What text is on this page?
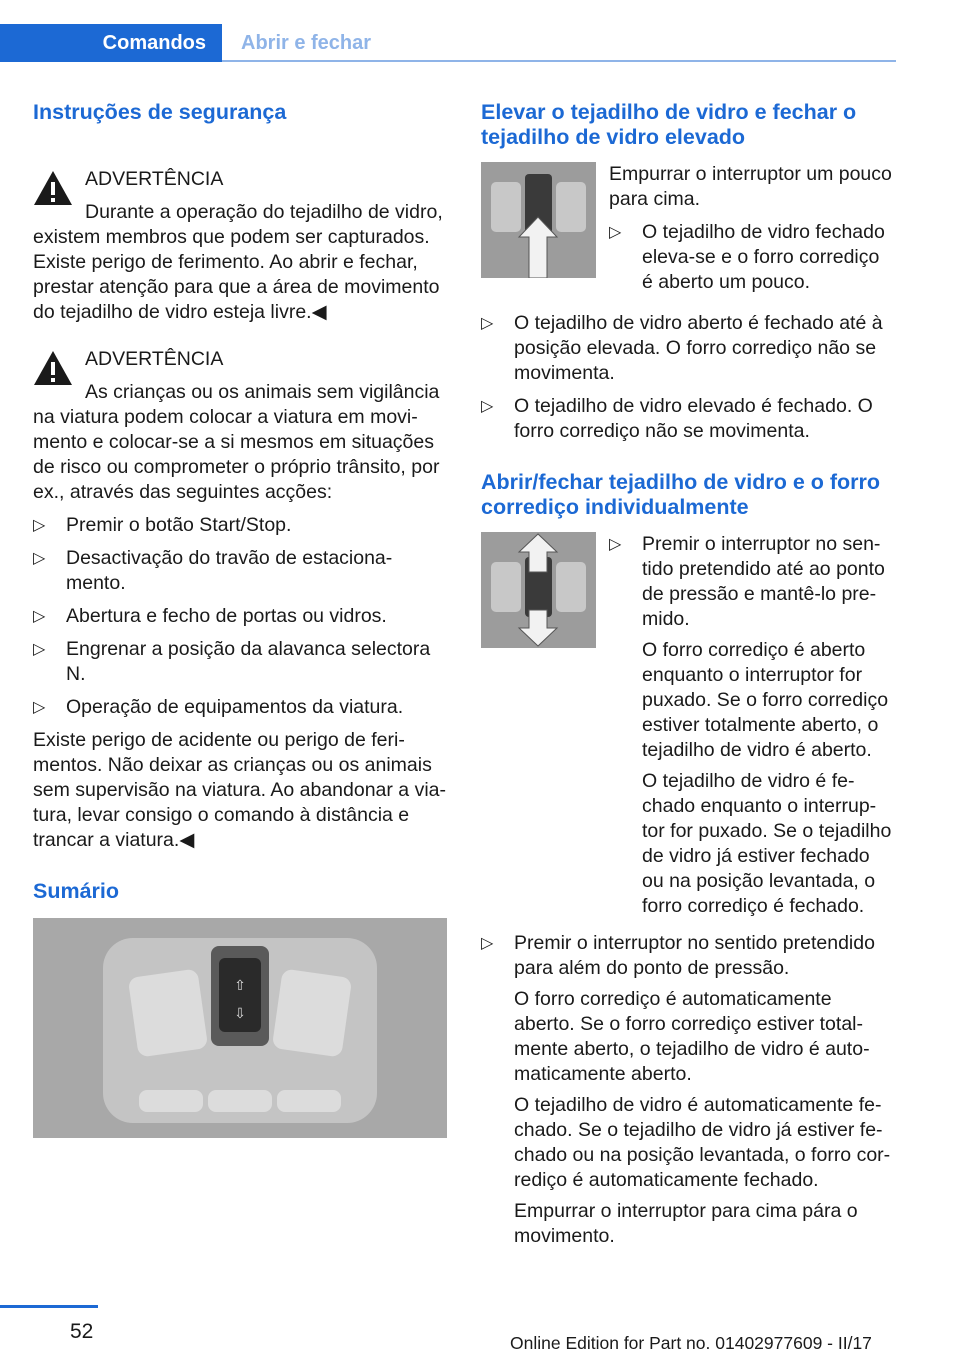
Comandos	Abrir e fechar
Instruções de segurança

ADVERTÊNCIA

Durante a operação do tejadilho de vidro, existem membros que podem ser capturados. Existe perigo de ferimento. Ao abrir e fechar, prestar atenção para que a área de movimento do tejadilho de vidro esteja livre.◀

ADVERTÊNCIA

As crianças ou os animais sem vigilância na viatura podem colocar a viatura em movi‐mento e colocar-se a si mesmos em situações de risco ou comprometer o próprio trânsito, por ex., através das seguintes acções:

▷ Premir o botão Start/Stop.
▷ Desactivação do travão de estaciona‐mento.
▷ Abertura e fecho de portas ou vidros.
▷ Engrenar a posição da alavanca selectora N.
▷ Operação de equipamentos da viatura.

Existe perigo de acidente ou perigo de feri‐mentos. Não deixar as crianças ou os animais sem supervisão na viatura. Ao abandonar a via‐tura, levar consigo o comando à distância e trancar a viatura.◀

Sumário
⇧
⇩
Elevar o tejadilho de vidro e fechar o tejadilho de vidro elevado

Empurrar o interruptor um pouco para cima.

▷ O tejadilho de vidro fechado eleva-se e o forro corrediço é aberto um pouco.
▷ O tejadilho de vidro aberto é fechado até à posição elevada. O forro corrediço não se movimenta.
▷ O tejadilho de vidro elevado é fechado. O forro corrediço não se movimenta.
Abrir/fechar tejadilho de vidro e o forro corrediço individualmente
▷ Premir o interruptor no sen‐tido pretendido até ao ponto de pressão e mantê-lo pre‐mido.

O forro corrediço é aberto enquanto o interruptor for puxado. Se o forro corrediço estiver totalmente aberto, o tejadilho de vidro é aberto.

O tejadilho de vidro é fe‐chado enquanto o interrup‐tor for puxado. Se o tejadilho de vidro já estiver fechado ou na posição levantada, o forro corrediço é fechado.

▷ Premir o interruptor no sentido pretendido para além do ponto de pressão.

O forro corrediço é automaticamente aberto. Se o forro corrediço estiver total‐mente aberto, o tejadilho de vidro é auto‐maticamente aberto.

O tejadilho de vidro é automaticamente fe‐chado. Se o tejadilho de vidro já estiver fe‐chado ou na posição levantada, o forro cor‐rediço é automaticamente fechado.

Empurrar o interruptor para cima pára o movimento.

52	Online Edition for Part no. 01402977609 - II/17
